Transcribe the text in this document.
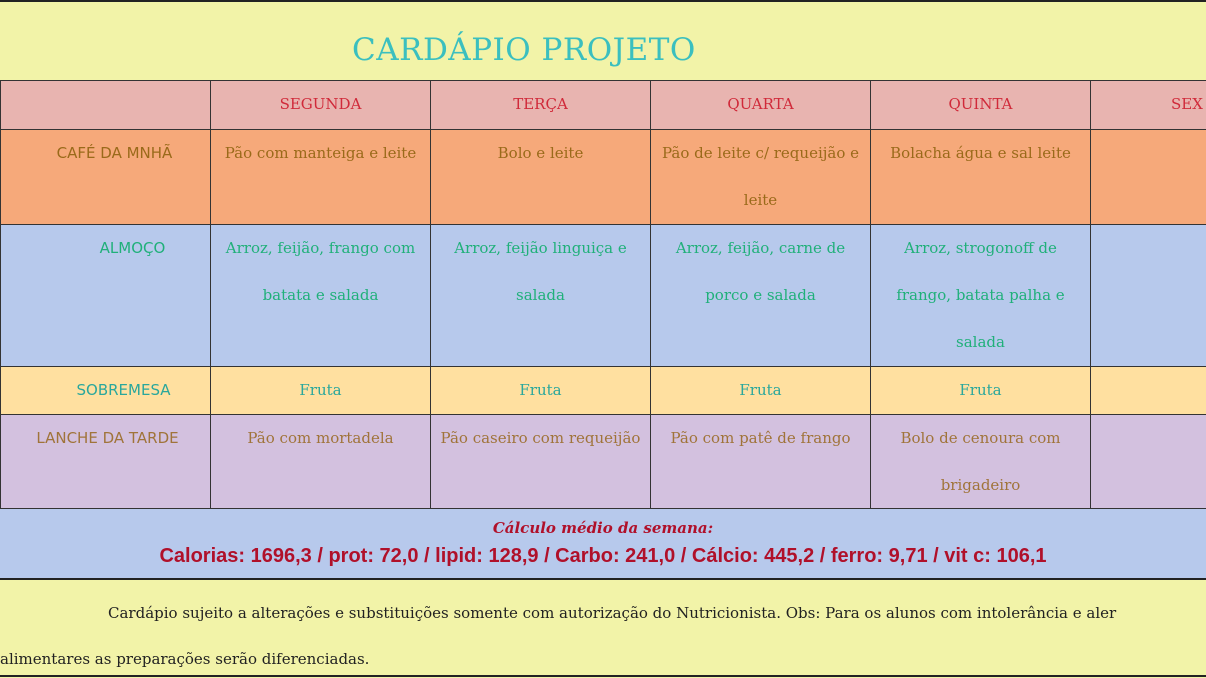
CARDÁPIO PROJETO
	SEGUNDA	TERÇA	QUARTA	QUINTA	SEX
CAFÉ DA MNHÃ	Pão com manteiga e leite	Bolo e leite	Pão de leite c/ requeijão e leite	Bolacha água e sal leite	
ALMOÇO	Arroz, feijão, frango com batata e salada	Arroz, feijão linguiça e salada	Arroz, feijão, carne de porco e salada	Arroz, strogonoff de frango, batata palha e salada	
SOBREMESA	Fruta	Fruta	Fruta	Fruta	
LANCHE DA TARDE	Pão com mortadela	Pão caseiro com requeijão	Pão com patê de frango	Bolo de cenoura com brigadeiro	
Cálculo médio da semana:
Calorias: 1696,3 / prot: 72,0 / lipid: 128,9 / Carbo: 241,0 / Cálcio: 445,2 / ferro: 9,71 / vit c: 106,1
Cardápio sujeito a alterações e substituições somente com autorização do Nutricionista. Obs: Para os alunos com intolerância e aler
alimentares as preparações serão diferenciadas.
